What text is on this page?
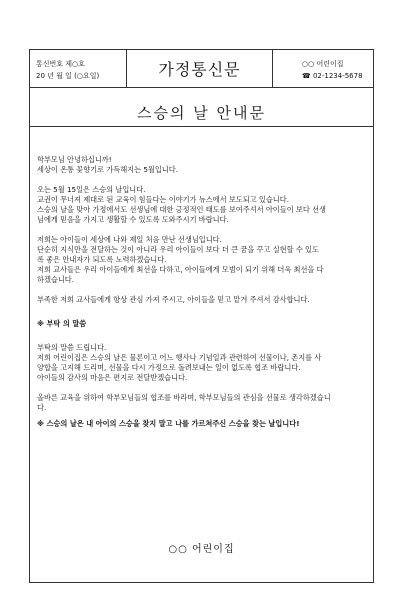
통신번호 제○호
20 년 월 일 (○요일)	가정통신문	○○ 어린이집
☎ 02-1234-5678
스승의 날 안내문

학부모님 안녕하십니까!

세상이 온통 꽃향기로 가득해지는 5월입니다.

오는 5월 15일은 스승의 날입니다.

교권이 무너져 제대로 된 교육이 힘들다는 이야기가 뉴스에서 보도되고 있습니다.

스승의 날을 맞아 가정에서도 선생님에 대한 긍정적인 태도를 보여주셔서 아이들이 보다 선생

님에게 믿음을 가지고 생활할 수 있도록 도와주시기 바랍니다.

저희는 아이들이 세상에 나와 제일 처음 만난 선생님입니다.

단순히 지식만을 전달하는 것이 아니라 우리 아이들이 보다 더 큰 꿈을 꾸고 실현할 수 있도

록 좋은 안내자가 되도록 노력하겠습니다.

저희 교사들은 우리 아이들에게 최선을 다하고, 아이들에게 모범이 되기 위해 더욱 최선을 다

하겠습니다.

부족한 저희 교사들에게 항상 관심 가져 주시고, 아이들을 믿고 맡겨 주셔서 감사합니다.

※ 부탁 의 말씀

부탁의 말씀 드립니다.

저희 어린이집은 스승의 날은 물론이고 어느 행사나 기념일과 관련하여 선물이나, 촌지를 사

양합을 고지해 드리며, 선물을 다시 가정으로 돌려보내는 일이 없도록 협조 바랍니다.

아이들의 감사의 마음은 편지로 전달받겠습니다.

올바른 교육을 위하여 학부모님들의 협조를 바라며, 학부모님들의 관심을 선물로 생각하겠습니

다.

※ 스승의 날은 내 아이의 스승을 찾지 말고 나를 가르쳐주신 스승을 찾는 날입니다!

○○ 어린이집
